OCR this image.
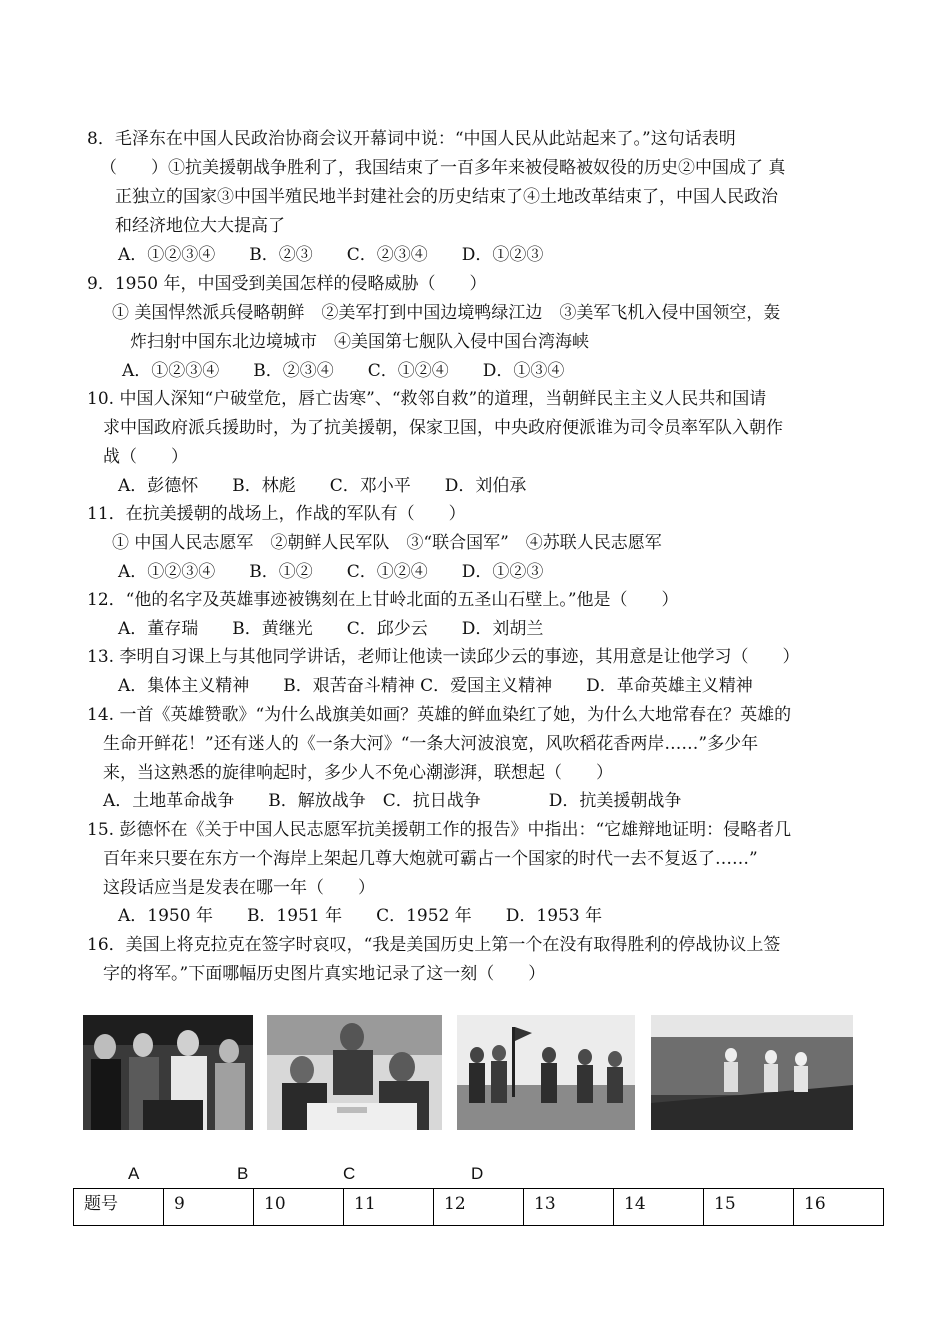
8．毛泽东在中国人民政治协商会议开幕词中说：“中国人民从此站起来了。”这句话表明
（　　）①抗美援朝战争胜利了，我国结束了一百多年来被侵略被奴役的历史②中国成了 真
正独立的国家③中国半殖民地半封建社会的历史结束了④土地改革结束了，中国人民政治
和经济地位大大提高了
A．①②③④　　B．②③　　C．②③④　　D．①②③
9．1950 年，中国受到美国怎样的侵略威胁（　　）
① 美国悍然派兵侵略朝鲜　②美军打到中国边境鸭绿江边　③美军飞机入侵中国领空，轰
炸扫射中国东北边境城市　④美国第七舰队入侵中国台湾海峡
A．①②③④　　B．②③④　　C．①②④　　D．①③④
10. 中国人深知“户破堂危，唇亡齿寒”、“救邻自救”的道理，当朝鲜民主主义人民共和国请
求中国政府派兵援助时，为了抗美援朝，保家卫国，中央政府便派谁为司令员率军队入朝作
战（　　）
A．彭德怀　　B．林彪　　C．邓小平　　D．刘伯承
11．在抗美援朝的战场上，作战的军队有（　　）
① 中国人民志愿军　②朝鲜人民军队　③“联合国军”　④苏联人民志愿军
A．①②③④　　B．①②　　C．①②④　　D．①②③
12．“他的名字及英雄事迹被镌刻在上甘岭北面的五圣山石壁上。”他是（　　）
A．董存瑞　　B．黄继光　　C．邱少云　　D．刘胡兰
13. 李明自习课上与其他同学讲话，老师让他读一读邱少云的事迹，其用意是让他学习（　　）
A．集体主义精神　　B．艰苦奋斗精神 C．爱国主义精神　　D．革命英雄主义精神
14. 一首《英雄赞歌》“为什么战旗美如画？英雄的鲜血染红了她，为什么大地常春在？英雄的
生命开鲜花！”还有迷人的《一条大河》“一条大河波浪宽，风吹稻花香两岸……”多少年
来，当这熟悉的旋律响起时，多少人不免心潮澎湃，联想起（　　）
A．土地革命战争　　B．解放战争　C．抗日战争　　　　D．抗美援朝战争
15. 彭德怀在《关于中国人民志愿军抗美援朝工作的报告》中指出：“它雄辩地证明：侵略者几
百年来只要在东方一个海岸上架起几尊大炮就可霸占一个国家的时代一去不复返了……”
这段话应当是发表在哪一年（　　）
A．1950 年　　B．1951 年　　C．1952 年　　D．1953 年
16．美国上将克拉克在签字时哀叹，“我是美国历史上第一个在没有取得胜利的停战协议上签
字的将军。”下面哪幅历史图片真实地记录了这一刻（　　）
A	B	C	D
题号	9	10	11	12	13	14	15	16
